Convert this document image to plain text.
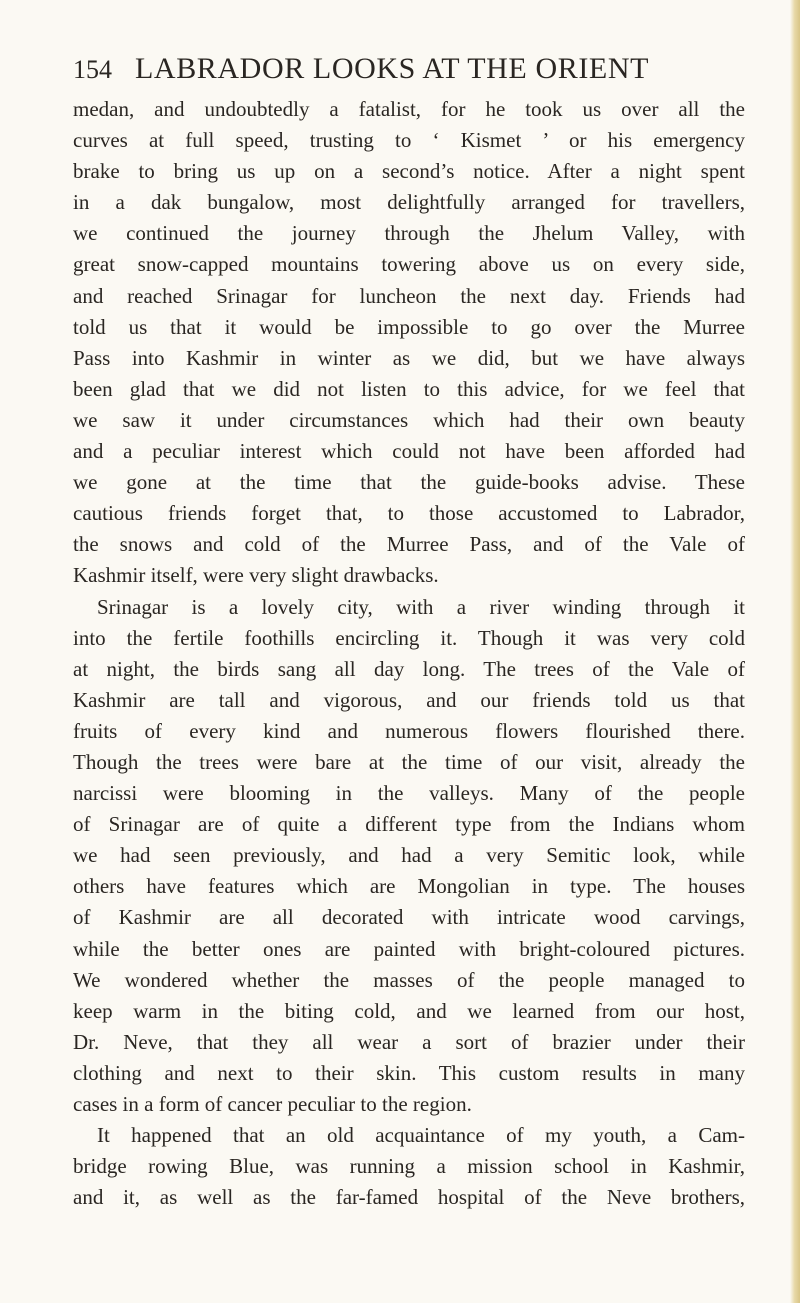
154 LABRADOR LOOKS AT THE ORIENT
medan, and undoubtedly a fatalist, for he took us over all the
curves at full speed, trusting to ‘ Kismet ’ or his emergency
brake to bring us up on a second’s notice. After a night spent
in a dak bungalow, most delightfully arranged for travellers,
we continued the journey through the Jhelum Valley, with
great snow-capped mountains towering above us on every side,
and reached Srinagar for luncheon the next day. Friends had
told us that it would be impossible to go over the Murree
Pass into Kashmir in winter as we did, but we have always
been glad that we did not listen to this advice, for we feel that
we saw it under circumstances which had their own beauty
and a peculiar interest which could not have been afforded had
we gone at the time that the guide-books advise. These
cautious friends forget that, to those accustomed to Labrador,
the snows and cold of the Murree Pass, and of the Vale of
Kashmir itself, were very slight drawbacks.
Srinagar is a lovely city, with a river winding through it
into the fertile foothills encircling it. Though it was very cold
at night, the birds sang all day long. The trees of the Vale of
Kashmir are tall and vigorous, and our friends told us that
fruits of every kind and numerous flowers flourished there.
Though the trees were bare at the time of our visit, already the
narcissi were blooming in the valleys. Many of the people
of Srinagar are of quite a different type from the Indians whom
we had seen previously, and had a very Semitic look, while
others have features which are Mongolian in type. The houses
of Kashmir are all decorated with intricate wood carvings,
while the better ones are painted with bright-coloured pictures.
We wondered whether the masses of the people managed to
keep warm in the biting cold, and we learned from our host,
Dr. Neve, that they all wear a sort of brazier under their
clothing and next to their skin. This custom results in many
cases in a form of cancer peculiar to the region.
It happened that an old acquaintance of my youth, a Cam-
bridge rowing Blue, was running a mission school in Kashmir,
and it, as well as the far-famed hospital of the Neve brothers,
